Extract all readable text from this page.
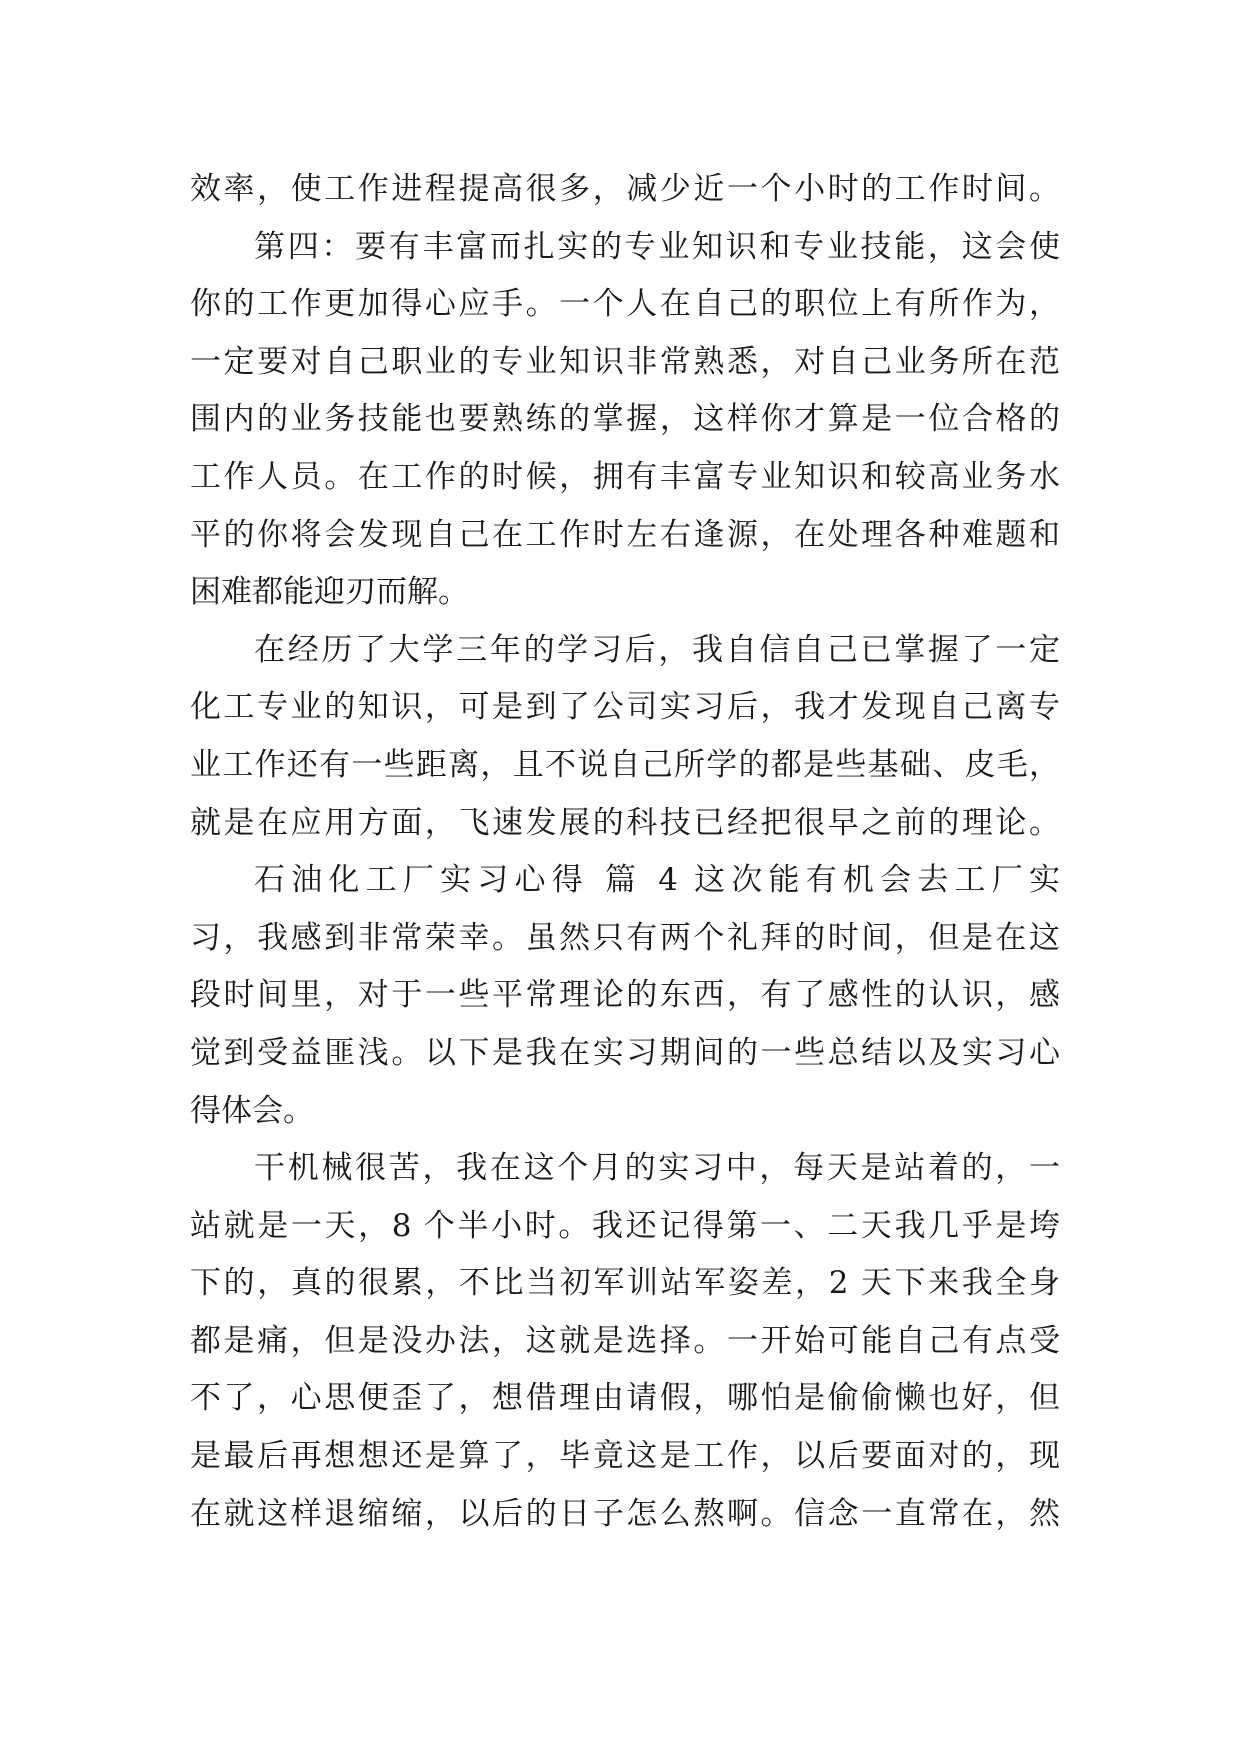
效率，使工作进程提高很多，减少近一个小时的工作时间。
第四：要有丰富而扎实的专业知识和专业技能，这会使
你的工作更加得心应手。一个人在自己的职位上有所作为，
一定要对自己职业的专业知识非常熟悉，对自己业务所在范
围内的业务技能也要熟练的掌握，这样你才算是一位合格的
工作人员。在工作的时候，拥有丰富专业知识和较高业务水
平的你将会发现自己在工作时左右逢源，在处理各种难题和
困难都能迎刃而解。
在经历了大学三年的学习后，我自信自己已掌握了一定
化工专业的知识，可是到了公司实习后，我才发现自己离专
业工作还有一些距离，且不说自己所学的都是些基础、皮毛，
就是在应用方面，飞速发展的科技已经把很早之前的理论。
石油化工厂实习心得 篇 4 这次能有机会去工厂实
习，我感到非常荣幸。虽然只有两个礼拜的时间，但是在这
段时间里，对于一些平常理论的东西，有了感性的认识，感
觉到受益匪浅。以下是我在实习期间的一些总结以及实习心
得体会。
干机械很苦，我在这个月的实习中，每天是站着的，一
站就是一天，8 个半小时。我还记得第一、二天我几乎是垮
下的，真的很累，不比当初军训站军姿差，2 天下来我全身
都是痛，但是没办法，这就是选择。一开始可能自己有点受
不了，心思便歪了，想借理由请假，哪怕是偷偷懒也好，但
是最后再想想还是算了，毕竟这是工作，以后要面对的，现
在就这样退缩缩，以后的日子怎么熬啊。信念一直常在，然
